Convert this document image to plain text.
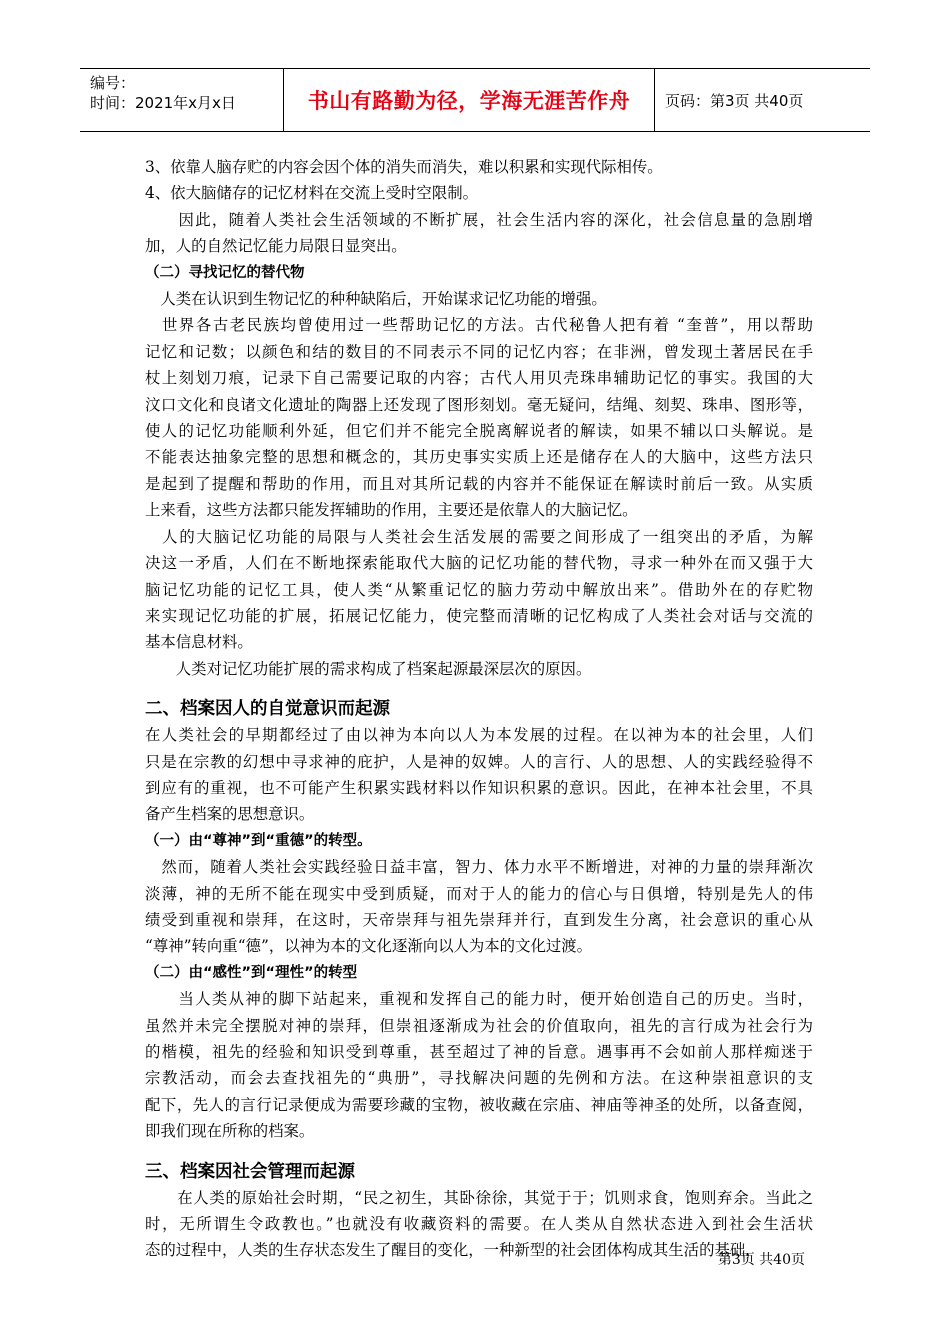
编号：
时间：2021年x月x日	书山有路勤为径，学海无涯苦作舟	页码：第3页 共40页
3、依靠人脑存贮的内容会因个体的消失而消失，难以积累和实现代际相传。
4、依大脑储存的记忆材料在交流上受时空限制。
　　因此，随着人类社会生活领域的不断扩展，社会生活内容的深化，社会信息量的急剧增
加，人的自然记忆能力局限日显突出。
（二）寻找记忆的替代物
　人类在认识到生物记忆的种种缺陷后，开始谋求记忆功能的增强。
　世界各古老民族均曾使用过一些帮助记忆的方法。古代秘鲁人把有着 “奎普”，用以帮助
记忆和记数；以颜色和结的数目的不同表示不同的记忆内容；在非洲，曾发现土著居民在手
杖上刻划刀痕，记录下自己需要记取的内容；古代人用贝壳珠串辅助记忆的事实。我国的大
汶口文化和良诸文化遗址的陶器上还发现了图形刻划。毫无疑问，结绳、刻契、珠串、图形等，
使人的记忆功能顺利外延，但它们并不能完全脱离解说者的解读，如果不辅以口头解说。是
不能表达抽象完整的思想和概念的，其历史事实实质上还是储存在人的大脑中，这些方法只
是起到了提醒和帮助的作用，而且对其所记载的内容并不能保证在解读时前后一致。从实质
上来看，这些方法都只能发挥辅助的作用，主要还是依靠人的大脑记忆。
　人的大脑记忆功能的局限与人类社会生活发展的需要之间形成了一组突出的矛盾，为解
决这一矛盾，人们在不断地探索能取代大脑的记忆功能的替代物，寻求一种外在而又强于大
脑记忆功能的记忆工具，使人类“从繁重记忆的脑力劳动中解放出来”。借助外在的存贮物
来实现记忆功能的扩展，拓展记忆能力，使完整而清晰的记忆构成了人类社会对话与交流的
基本信息材料。
　　人类对记忆功能扩展的需求构成了档案起源最深层次的原因。
二、档案因人的自觉意识而起源
在人类社会的早期都经过了由以神为本向以人为本发展的过程。在以神为本的社会里，人们
只是在宗教的幻想中寻求神的庇护，人是神的奴婢。人的言行、人的思想、人的实践经验得不
到应有的重视，也不可能产生积累实践材料以作知识积累的意识。因此，在神本社会里，不具
备产生档案的思想意识。
（一）由“尊神”到“重德”的转型。
　然而，随着人类社会实践经验日益丰富，智力、体力水平不断增进，对神的力量的崇拜渐次
淡薄，神的无所不能在现实中受到质疑，而对于人的能力的信心与日俱增，特别是先人的伟
绩受到重视和崇拜，在这时，天帝崇拜与祖先崇拜并行，直到发生分离，社会意识的重心从
“尊神”转向重“德”，以神为本的文化逐渐向以人为本的文化过渡。
（二）由“感性”到“理性”的转型
　　当人类从神的脚下站起来，重视和发挥自己的能力时，便开始创造自己的历史。当时，
虽然并未完全摆脱对神的崇拜，但崇祖逐渐成为社会的价值取向，祖先的言行成为社会行为
的楷模，祖先的经验和知识受到尊重，甚至超过了神的旨意。遇事再不会如前人那样痴迷于
宗教活动，而会去查找祖先的“典册”，寻找解决问题的先例和方法。在这种崇祖意识的支
配下，先人的言行记录便成为需要珍藏的宝物，被收藏在宗庙、神庙等神圣的处所，以备查阅，
即我们现在所称的档案。
三、档案因社会管理而起源
　　在人类的原始社会时期，“民之初生，其卧徐徐，其觉于于；饥则求食，饱则弃余。当此之
时，无所谓生令政教也。”也就没有收藏资料的需要。在人类从自然状态进入到社会生活状
态的过程中，人类的生存状态发生了醒目的变化，一种新型的社会团体构成其生活的基础，
第3页 共40页
